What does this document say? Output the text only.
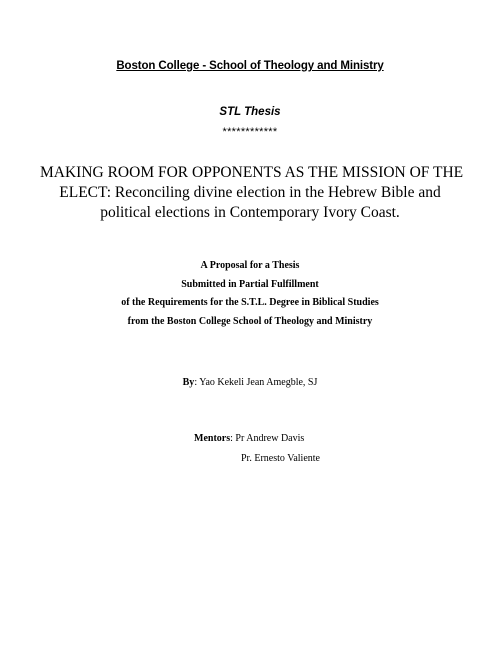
Boston College - School of Theology and Ministry
STL Thesis
************
MAKING ROOM FOR OPPONENTS AS THE MISSION OF THE
ELECT: Reconciling divine election in the Hebrew Bible and
political elections in Contemporary Ivory Coast.
A Proposal for a Thesis
Submitted in Partial Fulfillment
of the Requirements for the S.T.L. Degree in Biblical Studies
from the Boston College School of Theology and Ministry
By: Yao Kekeli Jean Amegble, SJ
Mentors: Pr Andrew Davis
Pr. Ernesto Valiente
